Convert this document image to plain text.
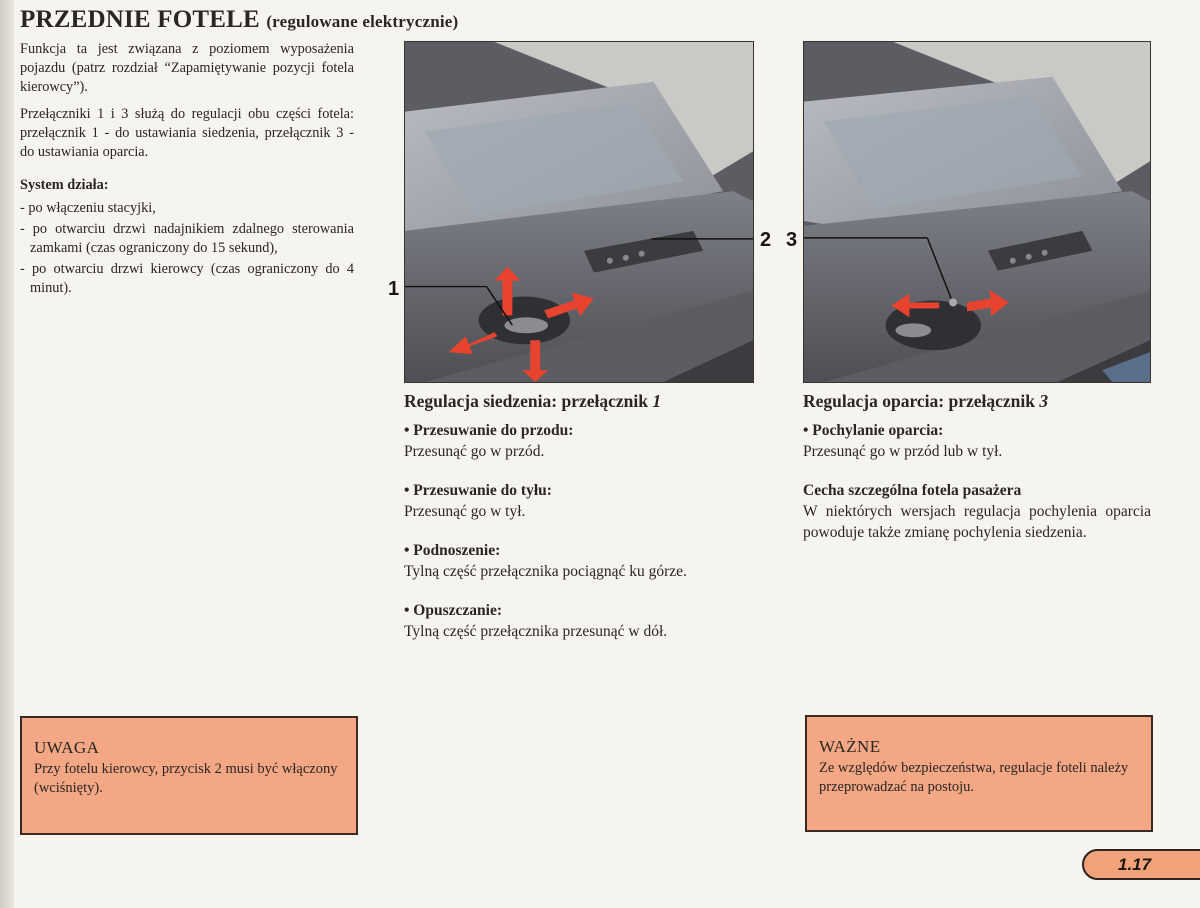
PRZEDNIE FOTELE (regulowane elektrycznie)

Funkcja ta jest związana z poziomem wyposażenia pojazdu (patrz rozdział “Zapamiętywanie pozycji fotela kierowcy”).

Przełączniki 1 i 3 służą do regulacji obu części fotela: przełącznik 1 - do ustawiania siedzenia, przełącznik 3 - do ustawiania oparcia.

System działa:
- po włączeniu stacyjki,
- po otwarciu drzwi nadajnikiem zdalnego sterowania zamkami (czas ograniczony do 15 sekund),
- po otwarciu drzwi kierowcy (czas ograniczony do 4 minut).	1
2 3
Regulacja siedzenia: przełącznik 1
• Przesuwanie do przodu:
Przesunąć go w przód.
• Przesuwanie do tyłu:
Przesunąć go w tył.
• Podnoszenie:
Tylną część przełącznika pociągnąć ku górze.
• Opuszczanie:
Tylną część przełącznika przesunąć w dół.
Regulacja oparcia: przełącznik 3
• Pochylanie oparcia:
Przesunąć go w przód lub w tył.
Cecha szczególna fotela pasażera
W niektórych wersjach regulacja pochylenia oparcia powoduje także zmianę pochylenia siedzenia.
UWAGA
Przy fotelu kierowcy, przycisk 2 musi być włączony (wciśnięty).
WAŻNE
Ze względów bezpieczeństwa, regulacje foteli należy przeprowadzać na postoju.
1.17
